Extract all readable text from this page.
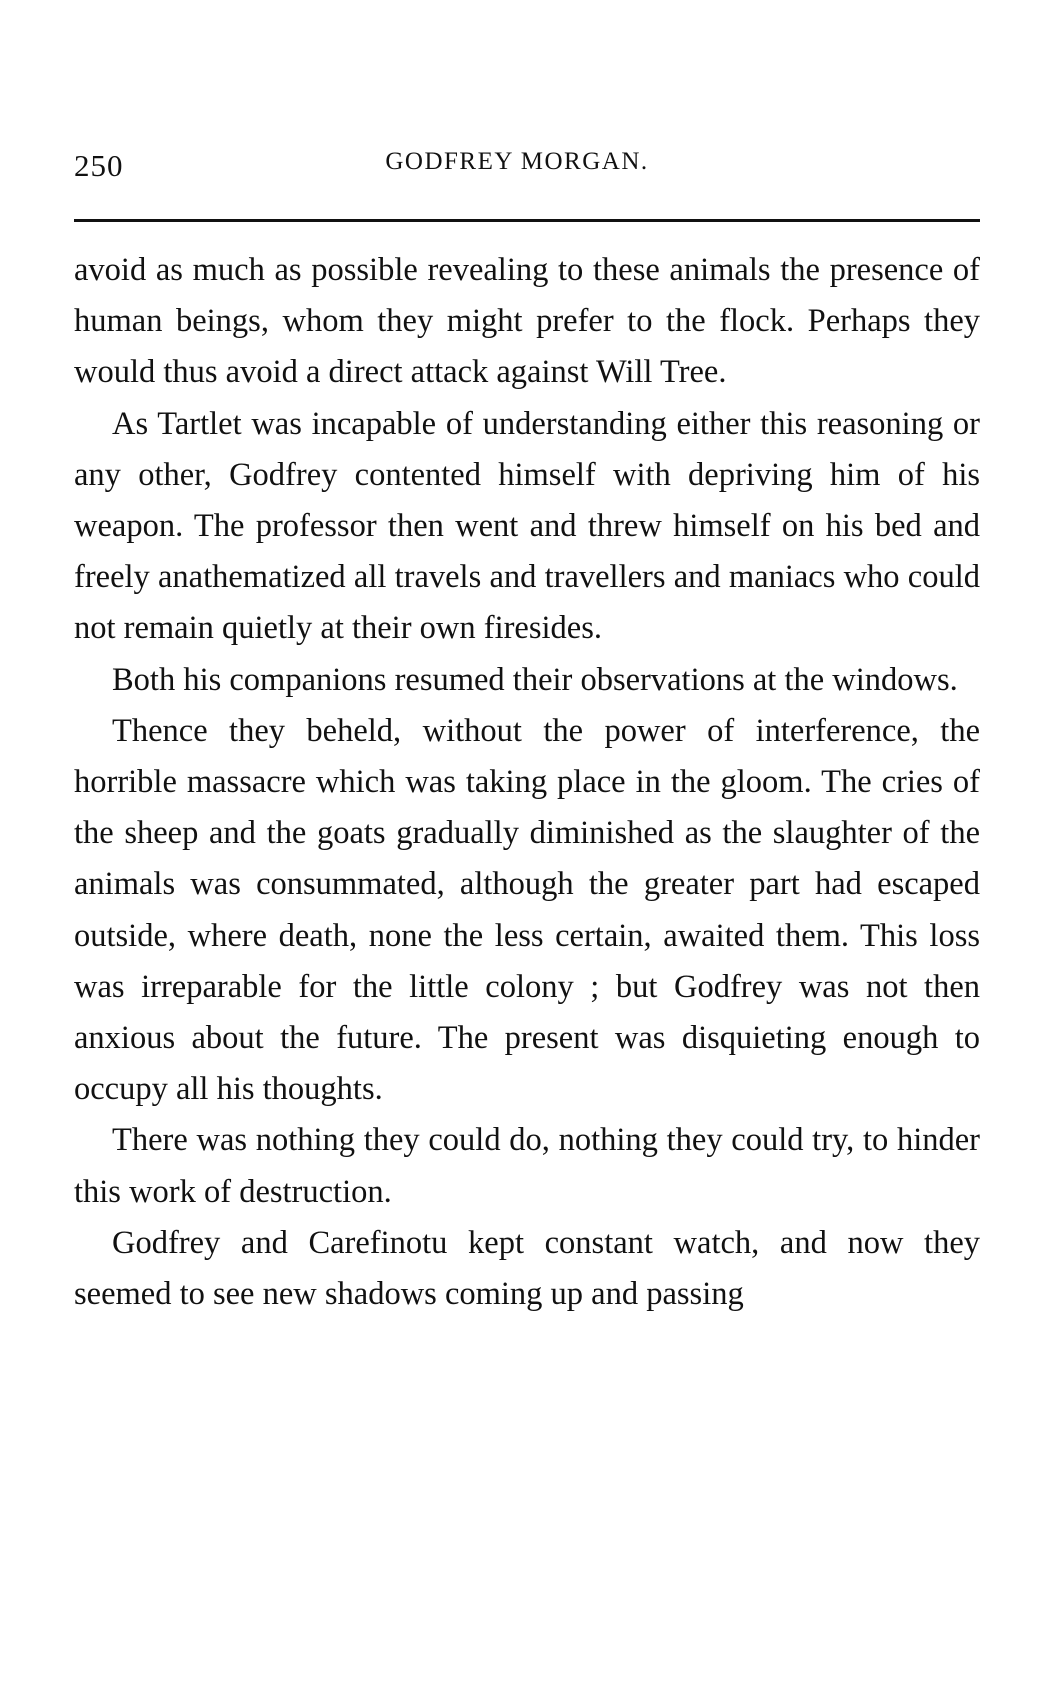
250	GODFREY MORGAN.

avoid as much as possible revealing to these animals the presence of human beings, whom they might prefer to the flock. Perhaps they would thus avoid a direct attack against Will Tree.

As Tartlet was incapable of understanding either this reasoning or any other, Godfrey contented himself with depriving him of his weapon. The professor then went and threw himself on his bed and freely anathematized all travels and travellers and maniacs who could not remain quietly at their own firesides.

Both his companions resumed their observations at the windows.

Thence they beheld, without the power of interference, the horrible massacre which was taking place in the gloom. The cries of the sheep and the goats gradually diminished as the slaughter of the animals was consummated, although the greater part had escaped outside, where death, none the less certain, awaited them. This loss was irreparable for the little colony ; but Godfrey was not then anxious about the future. The present was disquieting enough to occupy all his thoughts.

There was nothing they could do, nothing they could try, to hinder this work of destruction.

Godfrey and Carefinotu kept constant watch, and now they seemed to see new shadows coming up and passing
